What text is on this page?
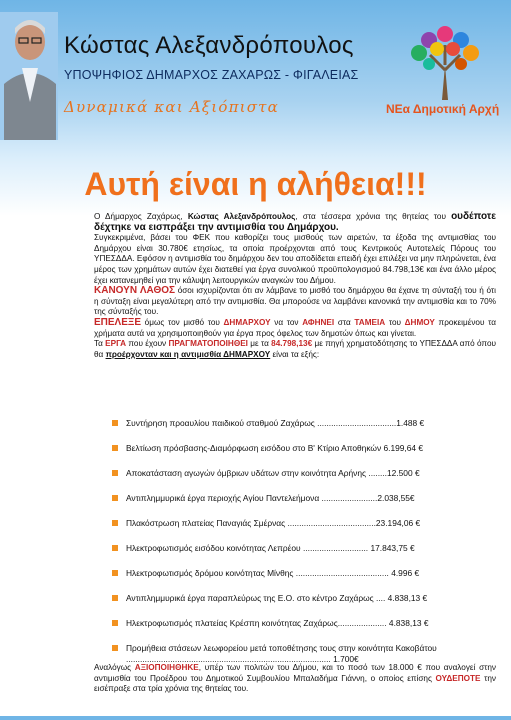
Κώστας Αλεξανδρόπουλος
ΥΠΟΨΗΦΙΟΣ ΔΗΜΑΡΧΟΣ ΖΑΧΑΡΩΣ - ΦΙΓΑΛΕΙΑΣ
Δυναμικά και Αξιόπιστα	ΝΕα Δημοτική Αρχή
Αυτή είναι η αλήθεια!!!

Ο Δήμαρχος Ζαχάρως, Κώστας Αλεξανδρόπουλος, στα τέσσερα χρόνια της θητείας του ουδέποτε δέχτηκε να εισπράξει την αντιμισθία του Δημάρχου.

Συγκεκριμένα, βάσει του ΦΕΚ που καθορίζει τους μισθούς των αιρετών, τα έξοδα της αντιμισθίας του Δημάρχου είναι 30.780€ ετησίως, τα οποία προέρχονται από τους Κεντρικούς Αυτοτελείς Πόρους του ΥΠΕΣΔΔΑ. Εφόσον η αντιμισθία του δημάρχου δεν του αποδίδεται επειδή έχει επιλέξει να μην πληρώνεται, ένα μέρος των χρημάτων αυτών έχει διατεθεί για έργα συνολικού προϋπολογισμού 84.798,13€ και ένα άλλο μέρος έχει κατανεμηθεί για την κάλυψη λειτουργικών αναγκών του Δήμου.

ΚΑΝΟΥΝ ΛΑΘΟΣ όσοι ισχυρίζονται ότι αν λάμβανε το μισθό του δημάρχου θα έχανε τη σύνταξή του ή ότι η σύνταξη είναι μεγαλύτερη από την αντιμισθία. Θα μπορούσε να λαμβάνει κανονικά την αντιμισθία και το 70% της σύνταξής του.

ΕΠΕΛΕΞΕ όμως τον μισθό του ΔΗΜΑΡΧΟΥ να τον ΑΦΗΝΕΙ στα ΤΑΜΕΙΑ του ΔΗΜΟΥ προκειμένου τα χρήματα αυτά να χρησιμοποιηθούν για έργα προς όφελος των δημοτών όπως και γίνεται.

Τα ΕΡΓΑ που έχουν ΠΡΑΓΜΑΤΟΠΟΙΗΘΕΙ με τα 84.798,13€ με πηγή χρηματοδότησης το ΥΠΕΣΔΔΑ από όπου θα προέρχονταν και η αντιμισθία ΔΗΜΑΡΧΟΥ είναι τα εξής:

Συντήρηση προαυλίου παιδικού σταθμού Ζαχάρως ..................................1.488 €
Βελτίωση πρόσβασης-Διαμόρφωση εισόδου στο Β' Κτίριο Αποθηκών 6.199,64 €
Αποκατάσταση αγωγών όμβριων υδάτων στην κοινότητα Αρήνης ........12.500 €
Αντιπλημμυρικά έργα περιοχής Αγίου Παντελεήμονα ........................2.038,55€
Πλακόστρωση πλατείας Παναγιάς Σμέρνας ......................................23.194,06 €
Ηλεκτροφωτισμός εισόδου κοινότητας Λεπρέου ............................ 17.843,75 €
Ηλεκτροφωτισμός δρόμου κοινότητας Μίνθης ........................................ 4.996 €
Αντιπλημμυρικά έργα παραπλεύρως της Ε.Ο. στο κέντρο Ζαχάρως .... 4.838,13 €
Ηλεκτροφωτισμός πλατείας Κρέσπη κοινότητας Ζαχάρως..................... 4.838,13 €
Προμήθεια στάσεων λεωφορείου μετά τοποθέτησης τους στην κοινότητα Κακοβάτου ........................................................................................ 1.700€
Αναλόγως ΑΞΙΟΠΟΙΗΘΗΚΕ, υπέρ των πολιτών του Δήμου, και το ποσό των 18.000 € που αναλογεί στην αντιμισθία του Προέδρου του Δημοτικού Συμβουλίου Μπαλαδήμα Γιάννη, ο οποίος επίσης ΟΥΔΕΠΟΤΕ την εισέπραξε στα τρία χρόνια της θητείας του.
